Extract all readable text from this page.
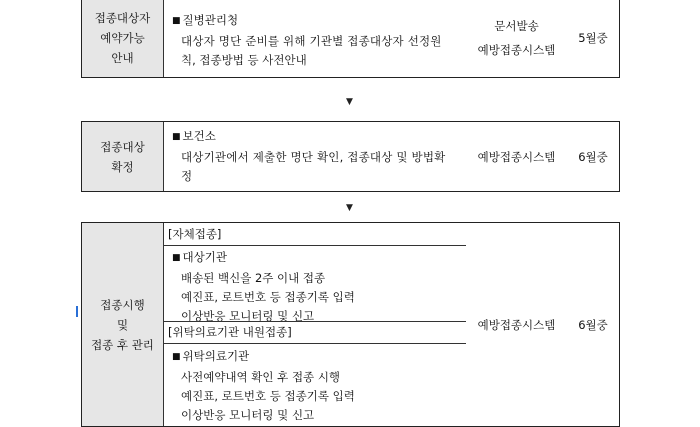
접종대상자
예약가능
안내
■ 질병관리청
대상자 명단 준비를 위해 기관별 접종대상자 선정원
칙, 접종방법 등 사전안내
문서발송
예방접종시스템
5월중
▼
접종대상
확정
■ 보건소
대상기관에서 제출한 명단 확인, 접종대상 및 방법확
정
예방접종시스템 6월중
▼
접종시행
및
접종 후 관리
[자체접종]
■ 대상기관
배송된 백신을 2주 이내 접종
예진표, 로트번호 등 접종기록 입력
이상반응 모니터링 및 신고
[위탁의료기관 내원접종]
■ 위탁의료기관
사전예약내역 확인 후 접종 시행
예진표, 로트번호 등 접종기록 입력
이상반응 모니터링 및 신고
예방접종시스템 6월중
